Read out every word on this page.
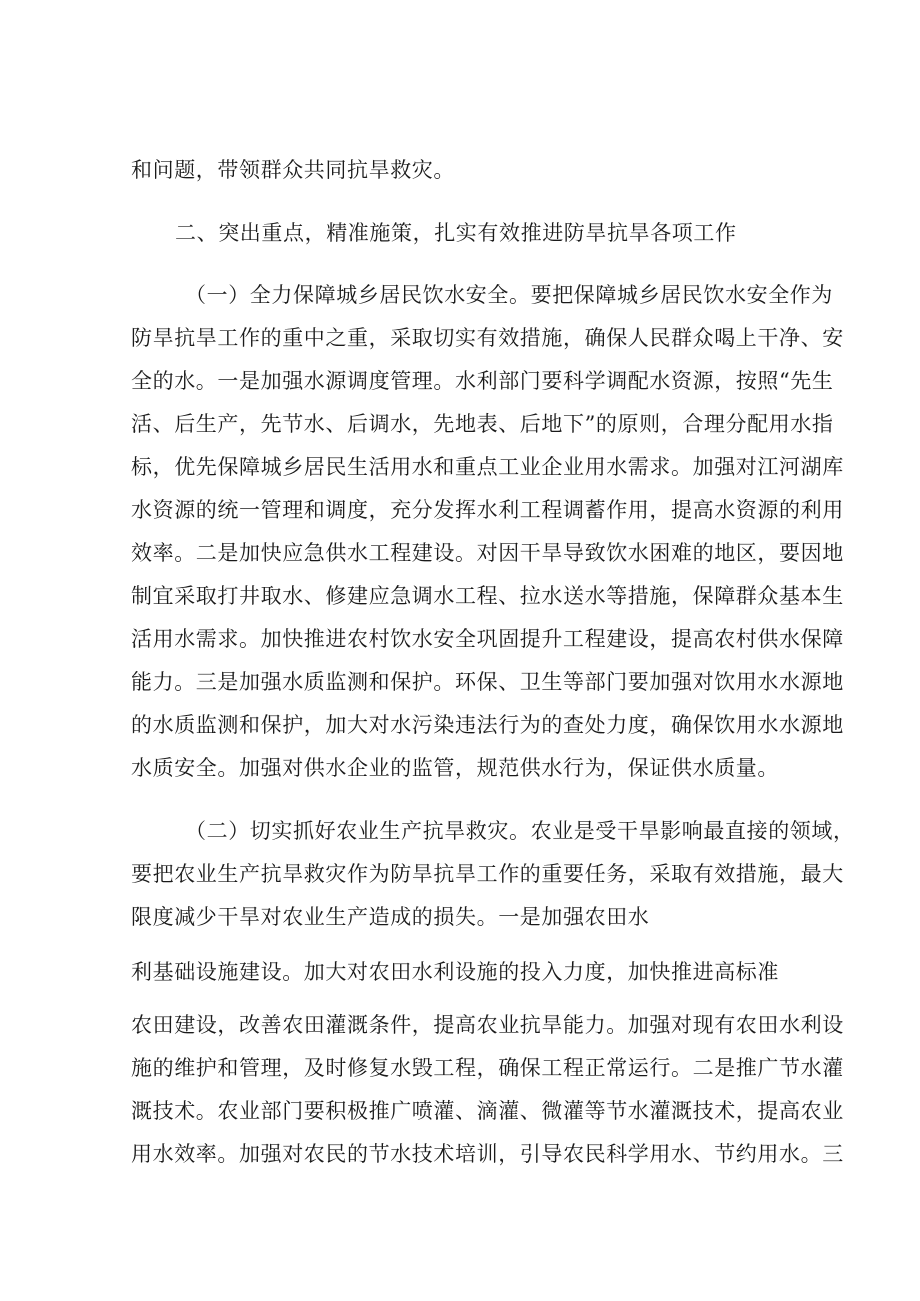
和问题，带领群众共同抗旱救灾。

二、突出重点，精准施策，扎实有效推进防旱抗旱各项工作

（一）全力保障城乡居民饮水安全。要把保障城乡居民饮水安全作为

防旱抗旱工作的重中之重，采取切实有效措施，确保人民群众喝上干净、安

全的水。一是加强水源调度管理。水利部门要科学调配水资源，按照“先生

活、后生产，先节水、后调水，先地表、后地下”的原则，合理分配用水指

标，优先保障城乡居民生活用水和重点工业企业用水需求。加强对江河湖库

水资源的统一管理和调度，充分发挥水利工程调蓄作用，提高水资源的利用

效率。二是加快应急供水工程建设。对因干旱导致饮水困难的地区，要因地

制宜采取打井取水、修建应急调水工程、拉水送水等措施，保障群众基本生

活用水需求。加快推进农村饮水安全巩固提升工程建设，提高农村供水保障

能力。三是加强水质监测和保护。环保、卫生等部门要加强对饮用水水源地

的水质监测和保护，加大对水污染违法行为的查处力度，确保饮用水水源地

水质安全。加强对供水企业的监管，规范供水行为，保证供水质量。

（二）切实抓好农业生产抗旱救灾。农业是受干旱影响最直接的领域，

要把农业生产抗旱救灾作为防旱抗旱工作的重要任务，采取有效措施，最大

限度减少干旱对农业生产造成的损失。一是加强农田水

利基础设施建设。加大对农田水利设施的投入力度，加快推进高标准

农田建设，改善农田灌溉条件，提高农业抗旱能力。加强对现有农田水利设

施的维护和管理，及时修复水毁工程，确保工程正常运行。二是推广节水灌

溉技术。农业部门要积极推广喷灌、滴灌、微灌等节水灌溉技术，提高农业

用水效率。加强对农民的节水技术培训，引导农民科学用水、节约用水。三
